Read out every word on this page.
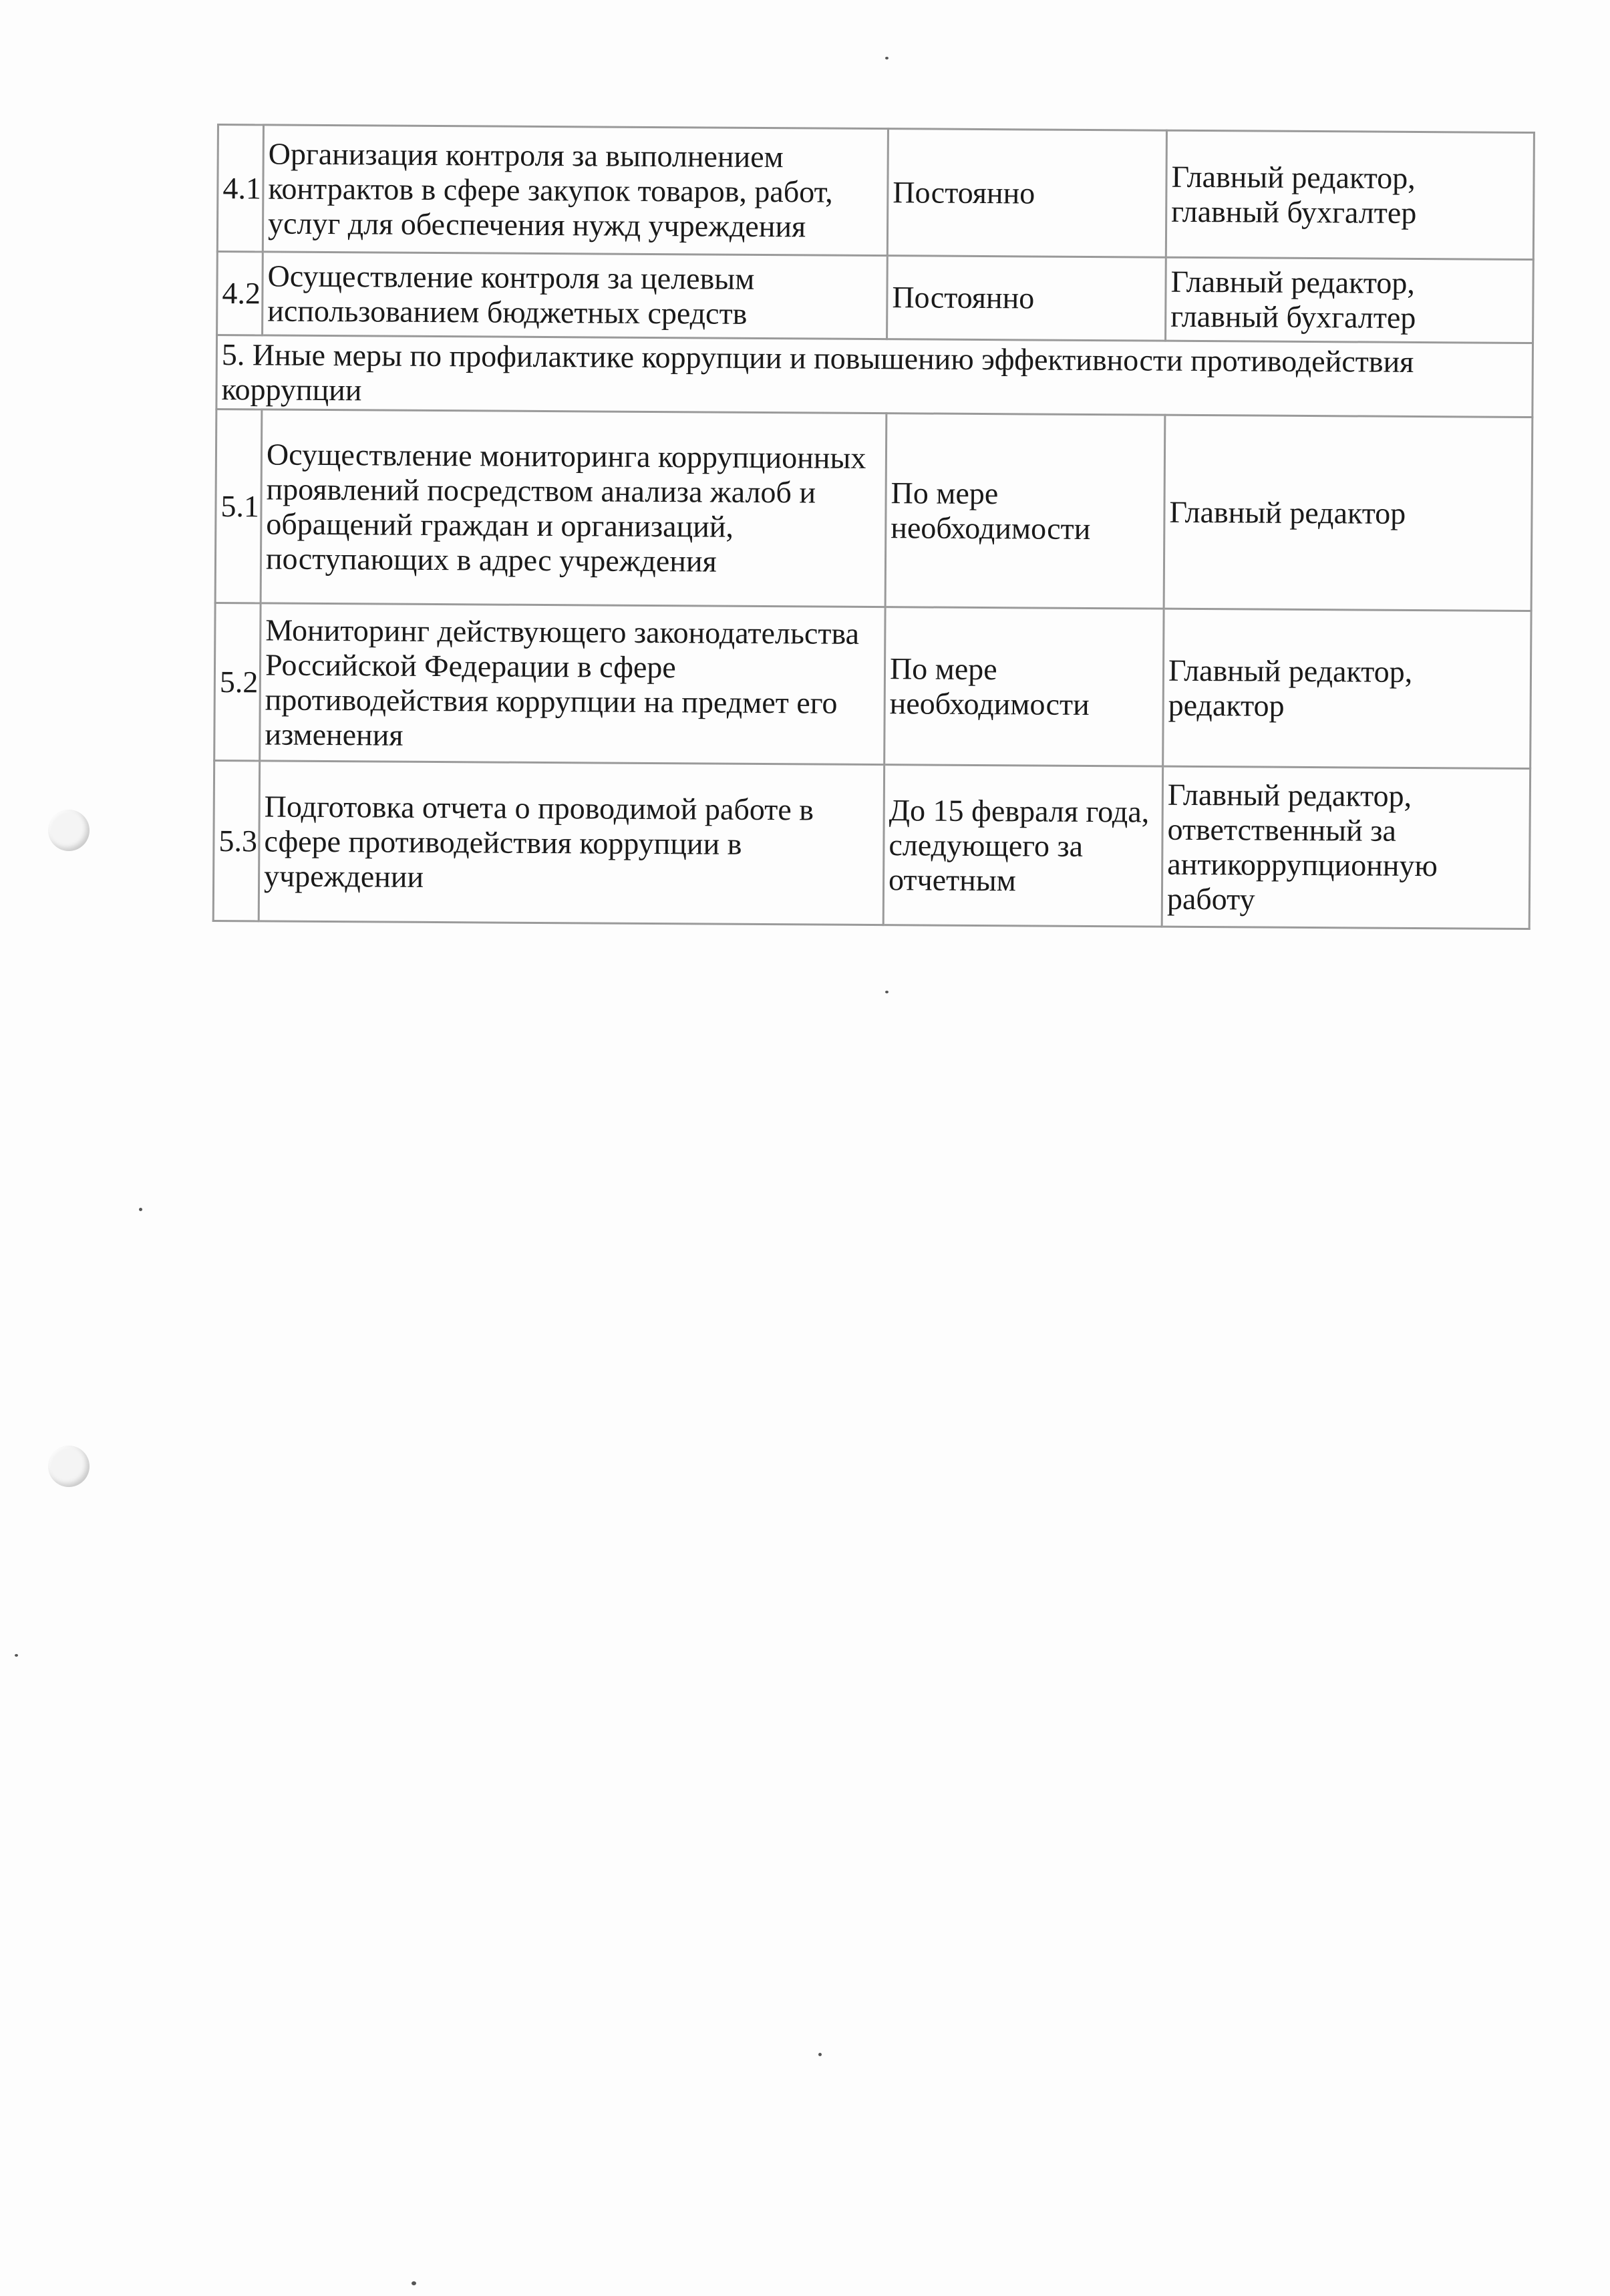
4.1	Организация контроля за выполнением контрактов в сфере закупок товаров, работ, услуг для обеспечения нужд учреждения	Постоянно	Главный редактор, главный бухгалтер
4.2	Осуществление контроля за целевым использованием бюджетных средств	Постоянно	Главный редактор, главный бухгалтер
5. Иные меры по профилактике коррупции и повышению эффективности противодействия коррупции			
5.1	Осуществление мониторинга коррупционных проявлений посредством анализа жалоб и обращений граждан и организаций, поступающих в адрес учреждения	По мере необходимости	Главный редактор
5.2	Мониторинг действующего законодательства Российской Федерации в сфере противодействия коррупции на предмет его изменения	По мере необходимости	Главный редактор, редактор
5.3	Подготовка отчета о проводимой работе в сфере противодействия коррупции в учреждении	До 15 февраля года, следующего за отчетным	Главный редактор, ответственный за антикоррупционную работу
